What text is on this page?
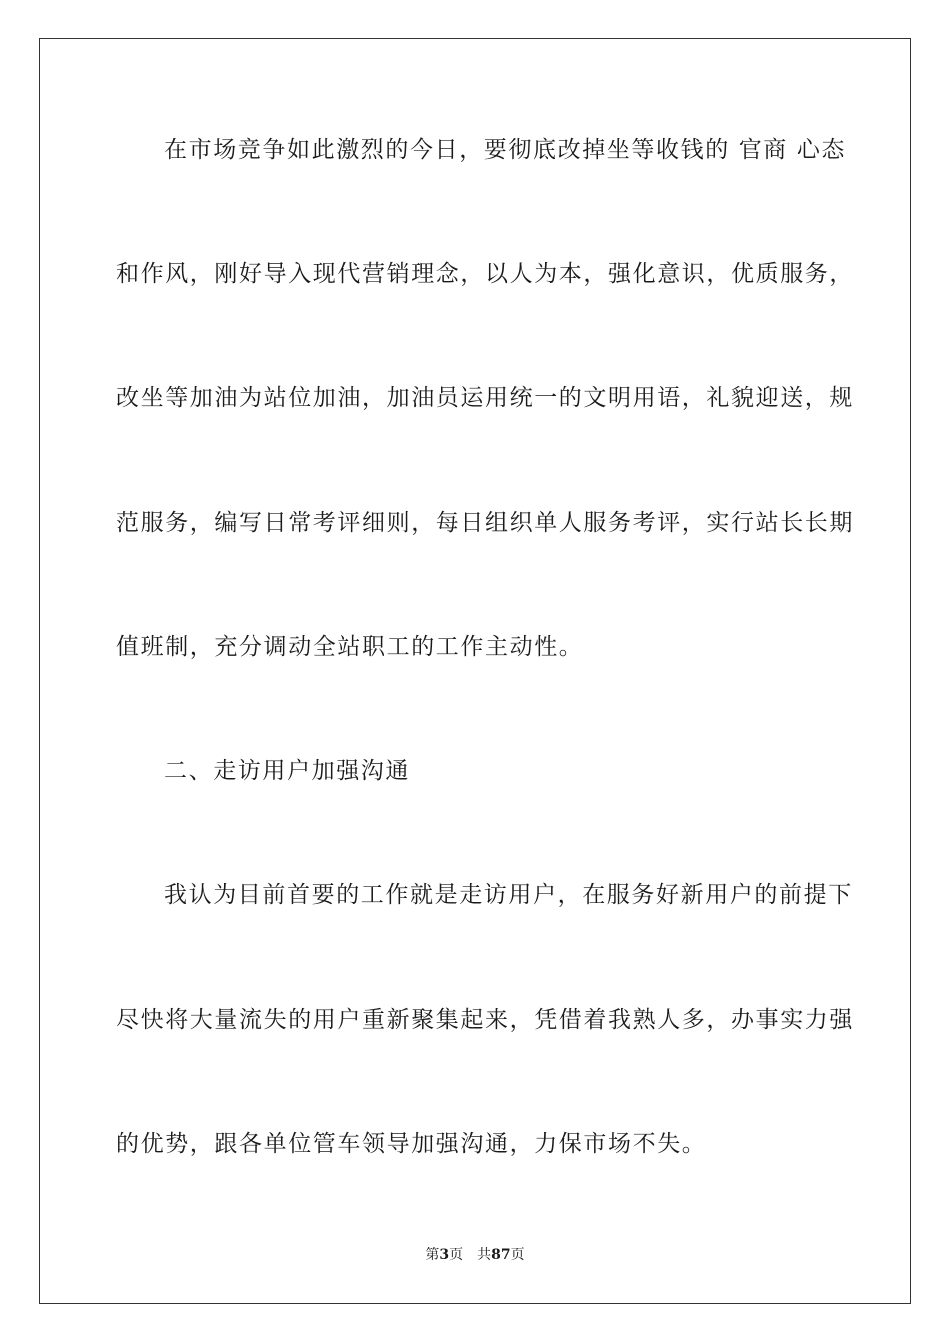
在市场竞争如此激烈的今日，要彻底改掉坐等收钱的 官商 心态
和作风，刚好导入现代营销理念，以人为本，强化意识，优质服务，
改坐等加油为站位加油，加油员运用统一的文明用语，礼貌迎送，规
范服务，编写日常考评细则，每日组织单人服务考评，实行站长长期
值班制，充分调动全站职工的工作主动性。
二、走访用户加强沟通
我认为目前首要的工作就是走访用户，在服务好新用户的前提下
尽快将大量流失的用户重新聚集起来，凭借着我熟人多，办事实力强
的优势，跟各单位管车领导加强沟通，力保市场不失。
第3页 共87页
